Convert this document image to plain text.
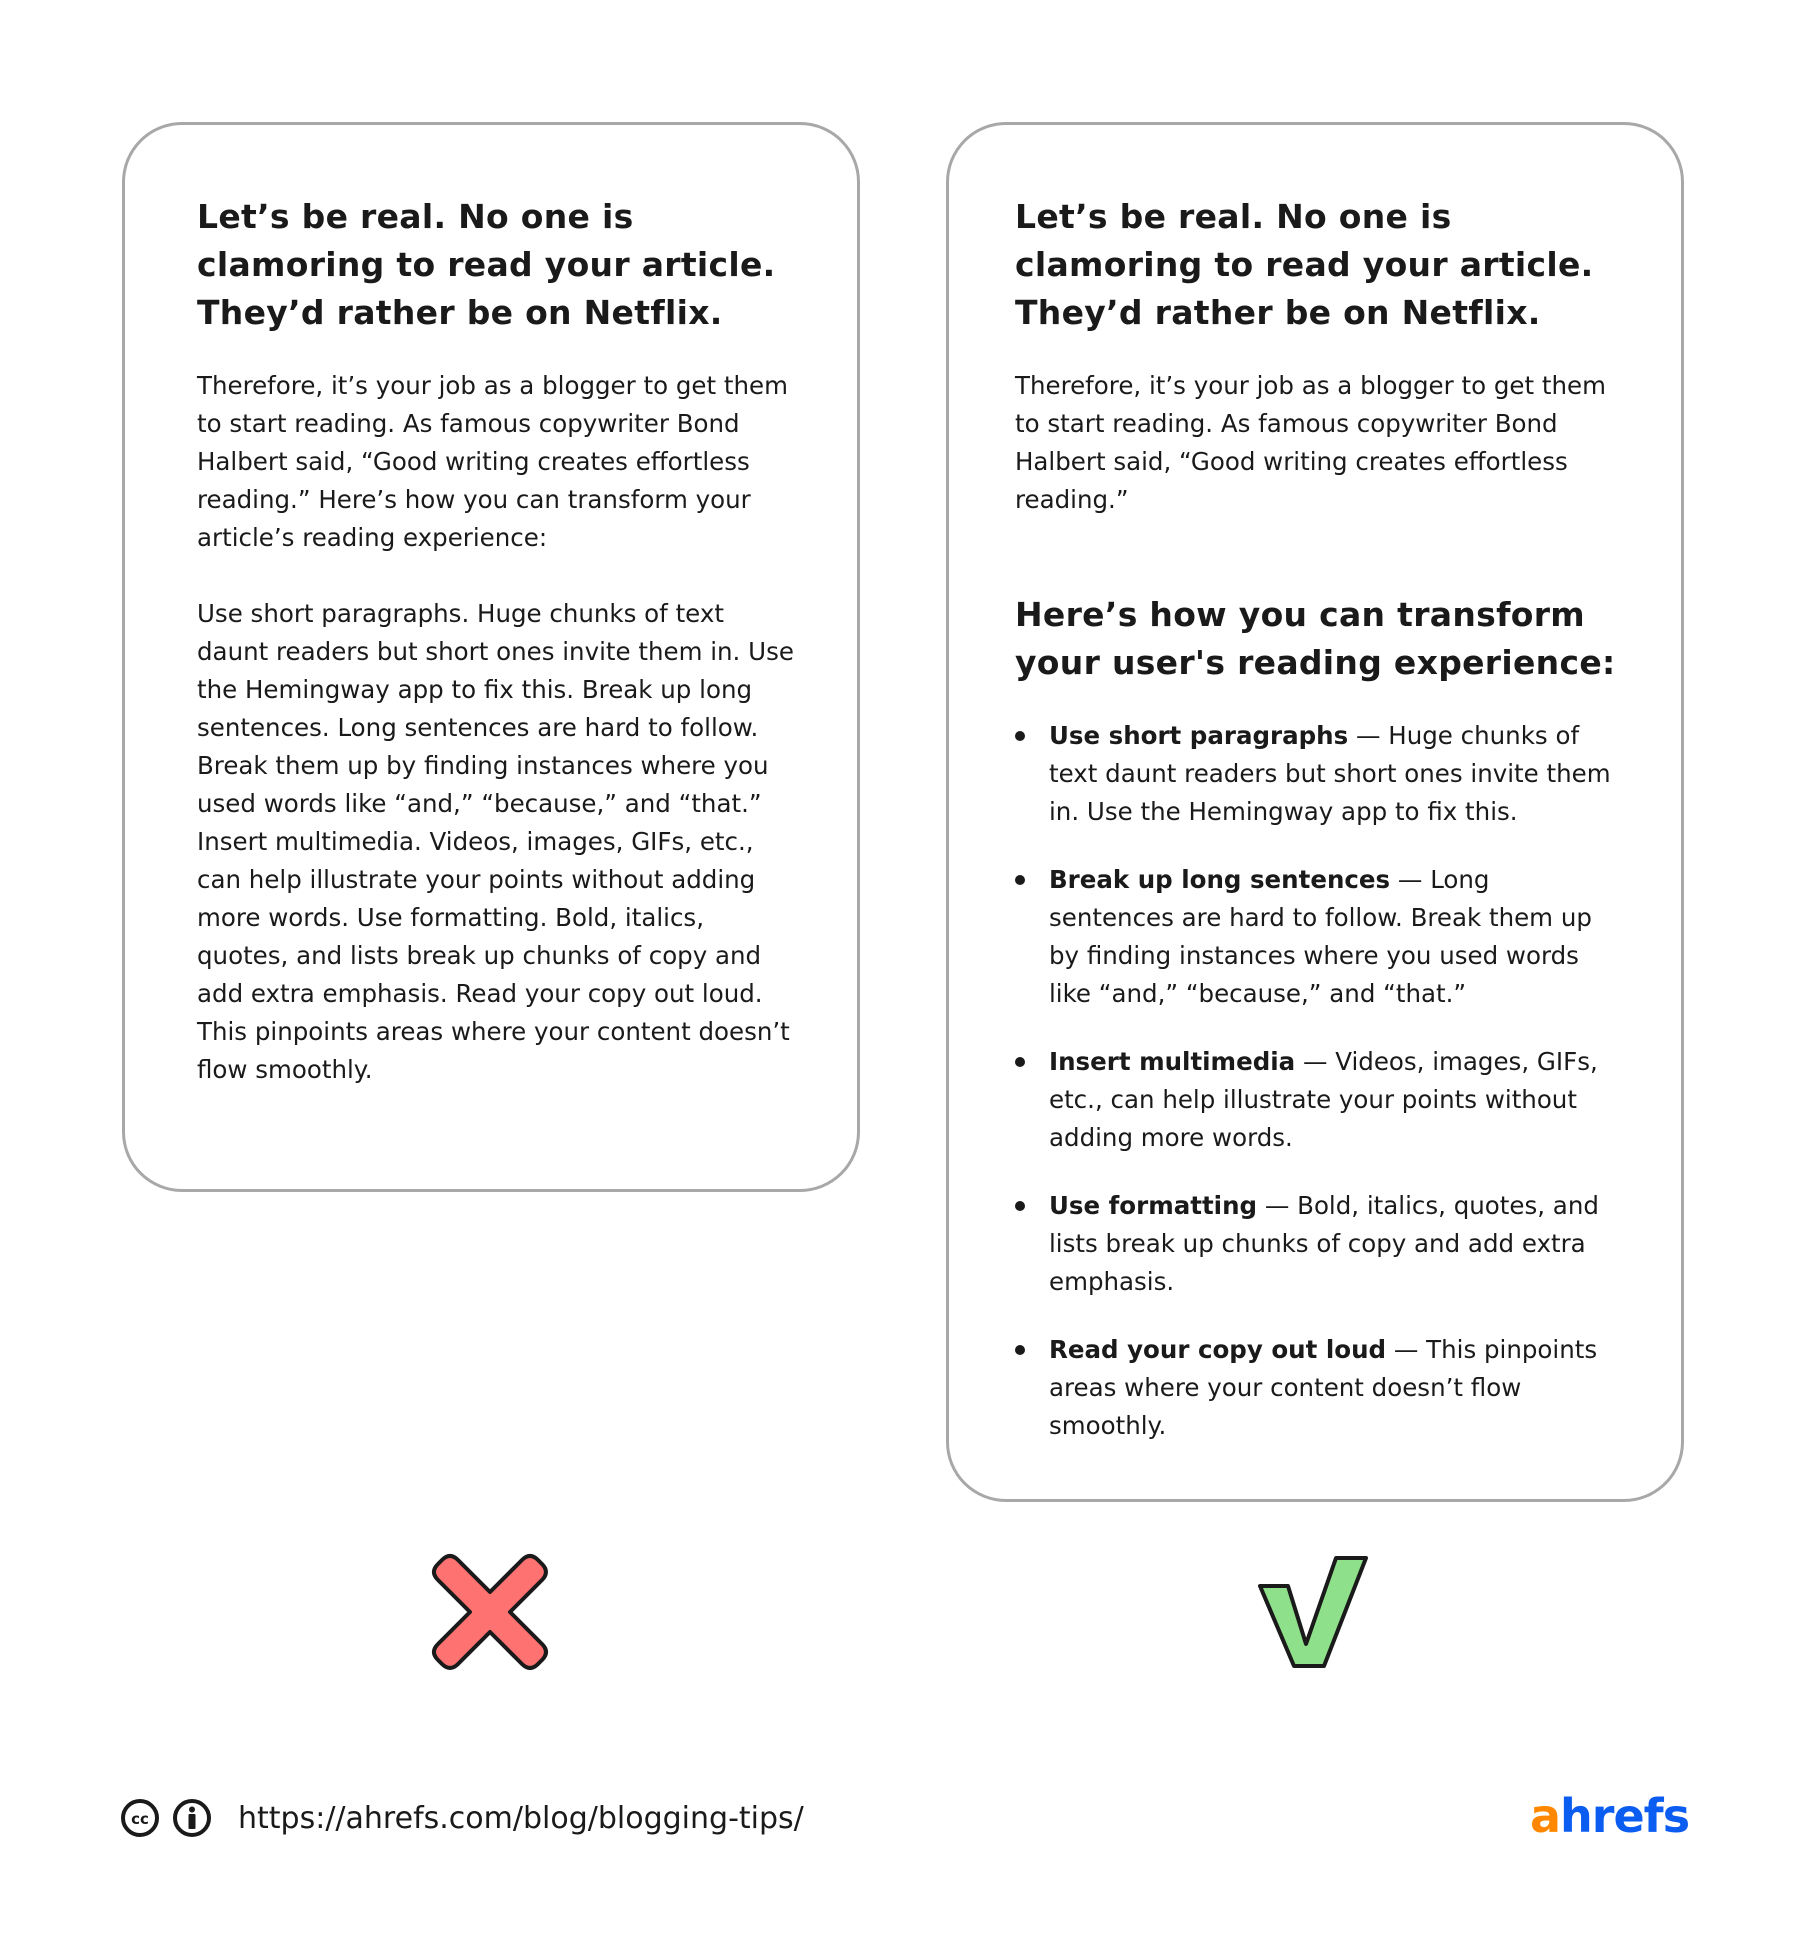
Let’s be real. No one is clamoring to read your article. They’d rather be on Netflix.

Therefore, it’s your job as a blogger to get them to start reading. As famous copywriter Bond Halbert said, “Good writing creates effortless reading.” Here’s how you can transform your article’s reading experience:

Use short paragraphs. Huge chunks of text daunt readers but short ones invite them in. Use the Hemingway app to fix this. Break up long sentences. Long sentences are hard to follow. Break them up by finding instances where you used words like “and,” “because,” and “that.” Insert multimedia. Videos, images, GIFs, etc., can help illustrate your points without adding more words. Use formatting. Bold, italics, quotes, and lists break up chunks of copy and add extra emphasis. Read your copy out loud. This pinpoints areas where your content doesn’t flow smoothly.

Let’s be real. No one is clamoring to read your article. They’d rather be on Netflix.

Therefore, it’s your job as a blogger to get them to start reading. As famous copywriter Bond Halbert said, “Good writing creates effortless reading.”

Here’s how you can transform your user's reading experience:
Use short paragraphs — Huge chunks of text daunt readers but short ones invite them in. Use the Hemingway app to fix this.
Break up long sentences — Long sentences are hard to follow. Break them up by finding instances where you used words like “and,” “because,” and “that.”
Insert multimedia — Videos, images, GIFs, etc., can help illustrate your points without adding more words.
Use formatting — Bold, italics, quotes, and lists break up chunks of copy and add extra emphasis.
Read your copy out loud — This pinpoints areas where your content doesn’t flow smoothly.
cc	https://ahrefs.com/blog/blogging-tips/	ahrefs
